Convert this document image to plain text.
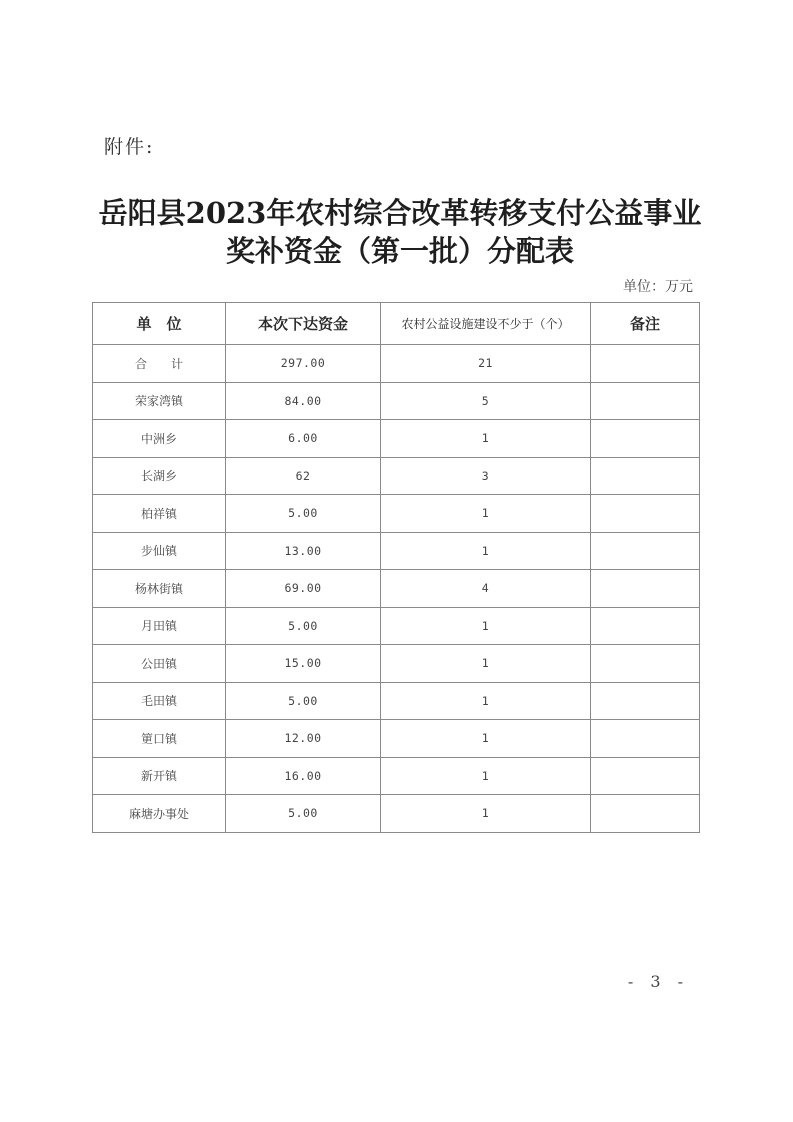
附件:
岳阳县2023年农村综合改革转移支付公益事业
奖补资金（第一批）分配表
单位：万元
单　位	本次下达资金	农村公益设施建设不少于（个）	备注
合　　计	297.00	21	
荣家湾镇	84.00	5	
中洲乡	6.00	1	
长湖乡	62	3	
柏祥镇	5.00	1	
步仙镇	13.00	1	
杨林街镇	69.00	4	
月田镇	5.00	1	
公田镇	15.00	1	
毛田镇	5.00	1	
筻口镇	12.00	1	
新开镇	16.00	1	
麻塘办事处	5.00	1	
- 3 -
